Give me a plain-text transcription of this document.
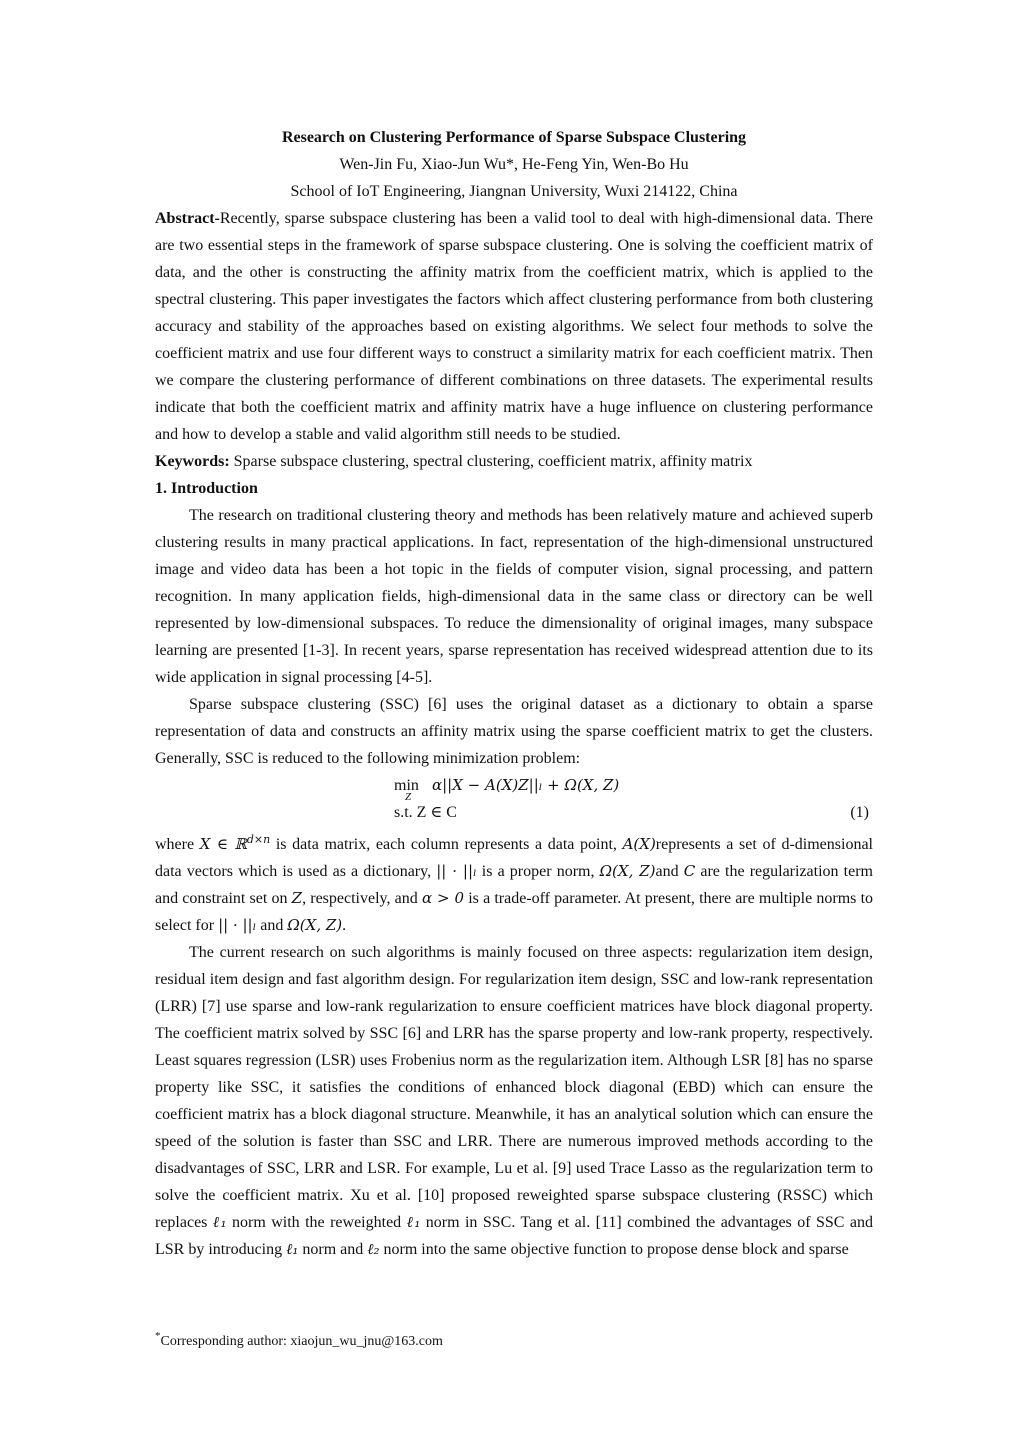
Research on Clustering Performance of Sparse Subspace Clustering
Wen-Jin Fu, Xiao-Jun Wu*, He-Feng Yin, Wen-Bo Hu
School of IoT Engineering, Jiangnan University, Wuxi 214122, China

Abstract-Recently, sparse subspace clustering has been a valid tool to deal with high-dimensional data. There are two essential steps in the framework of sparse subspace clustering. One is solving the coefficient matrix of data, and the other is constructing the affinity matrix from the coefficient matrix, which is applied to the spectral clustering. This paper investigates the factors which affect clustering performance from both clustering accuracy and stability of the approaches based on existing algorithms. We select four methods to solve the coefficient matrix and use four different ways to construct a similarity matrix for each coefficient matrix. Then we compare the clustering performance of different combinations on three datasets. The experimental results indicate that both the coefficient matrix and affinity matrix have a huge influence on clustering performance and how to develop a stable and valid algorithm still needs to be studied.

Keywords: Sparse subspace clustering, spectral clustering, coefficient matrix, affinity matrix

1. Introduction

The research on traditional clustering theory and methods has been relatively mature and achieved superb clustering results in many practical applications. In fact, representation of the high-dimensional unstructured image and video data has been a hot topic in the fields of computer vision, signal processing, and pattern recognition. In many application fields, high-dimensional data in the same class or directory can be well represented by low-dimensional subspaces. To reduce the dimensionality of original images, many subspace learning are presented [1-3]. In recent years, sparse representation has received widespread attention due to its wide application in signal processing [4-5].

Sparse subspace clustering (SSC) [6] uses the original dataset as a dictionary to obtain a sparse representation of data and constructs an affinity matrix using the sparse coefficient matrix to get the clusters. Generally, SSC is reduced to the following minimization problem:

min
Z
α||X − A(X)Z||ₗ + Ω(X, Z)
s.t. Z ∈ C	(1)

where X ∈ ℝ$^{d\times n}$ is data matrix, each column represents a data point, A(X)represents a set of d-dimensional data vectors which is used as a dictionary, || · ||ₗ is a proper norm, Ω(X, Z)and C are the regularization term and constraint set on Z, respectively, and α > 0 is a trade-off parameter. At present, there are multiple norms to select for || · ||ₗ and Ω(X, Z).

The current research on such algorithms is mainly focused on three aspects: regularization item design, residual item design and fast algorithm design. For regularization item design, SSC and low-rank representation (LRR) [7] use sparse and low-rank regularization to ensure coefficient matrices have block diagonal property. The coefficient matrix solved by SSC [6] and LRR has the sparse property and low-rank property, respectively. Least squares regression (LSR) uses Frobenius norm as the regularization item. Although LSR [8] has no sparse property like SSC, it satisfies the conditions of enhanced block diagonal (EBD) which can ensure the coefficient matrix has a block diagonal structure. Meanwhile, it has an analytical solution which can ensure the speed of the solution is faster than SSC and LRR. There are numerous improved methods according to the disadvantages of SSC, LRR and LSR. For example, Lu et al. [9] used Trace Lasso as the regularization term to solve the coefficient matrix. Xu et al. [10] proposed reweighted sparse subspace clustering (RSSC) which replaces ℓ₁ norm with the reweighted ℓ₁ norm in SSC. Tang et al. [11] combined the advantages of SSC and LSR by introducing ℓ₁ norm and ℓ₂ norm into the same objective function to propose dense block and sparse

*Corresponding author: xiaojun_wu_jnu@163.com
